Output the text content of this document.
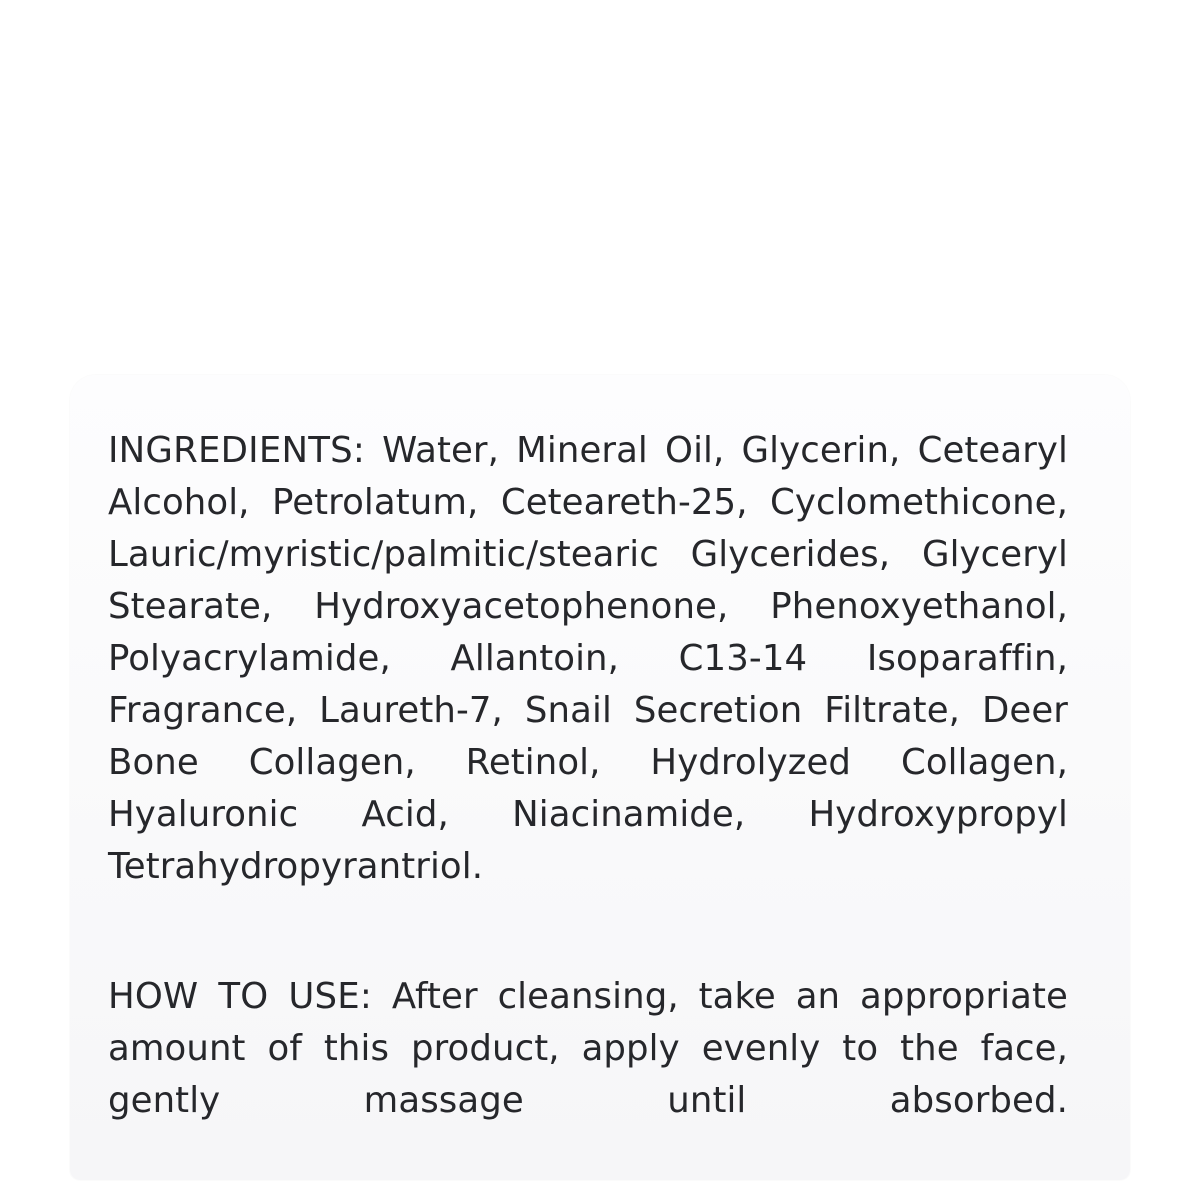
INGREDIENTS: Water, Mineral Oil, Glycerin, Cetearyl Alcohol, Petrolatum, Ceteareth-25, Cyclomethicone, Lauric/myristic/palmitic/stearic Glycerides, Glyceryl Stearate, Hydroxyacetophenone, Phenoxyethanol, Polyacrylamide, Allantoin, C13-14 Isoparaffin, Fragrance, Laureth-7, Snail Secretion Filtrate, Deer Bone Collagen, Retinol, Hydrolyzed Collagen, Hyaluronic Acid, Niacinamide, Hydroxypropyl Tetrahydropyrantriol.

HOW TO USE: After cleansing, take an appropriate amount of this product, apply evenly to the face, gently massage until absorbed.
